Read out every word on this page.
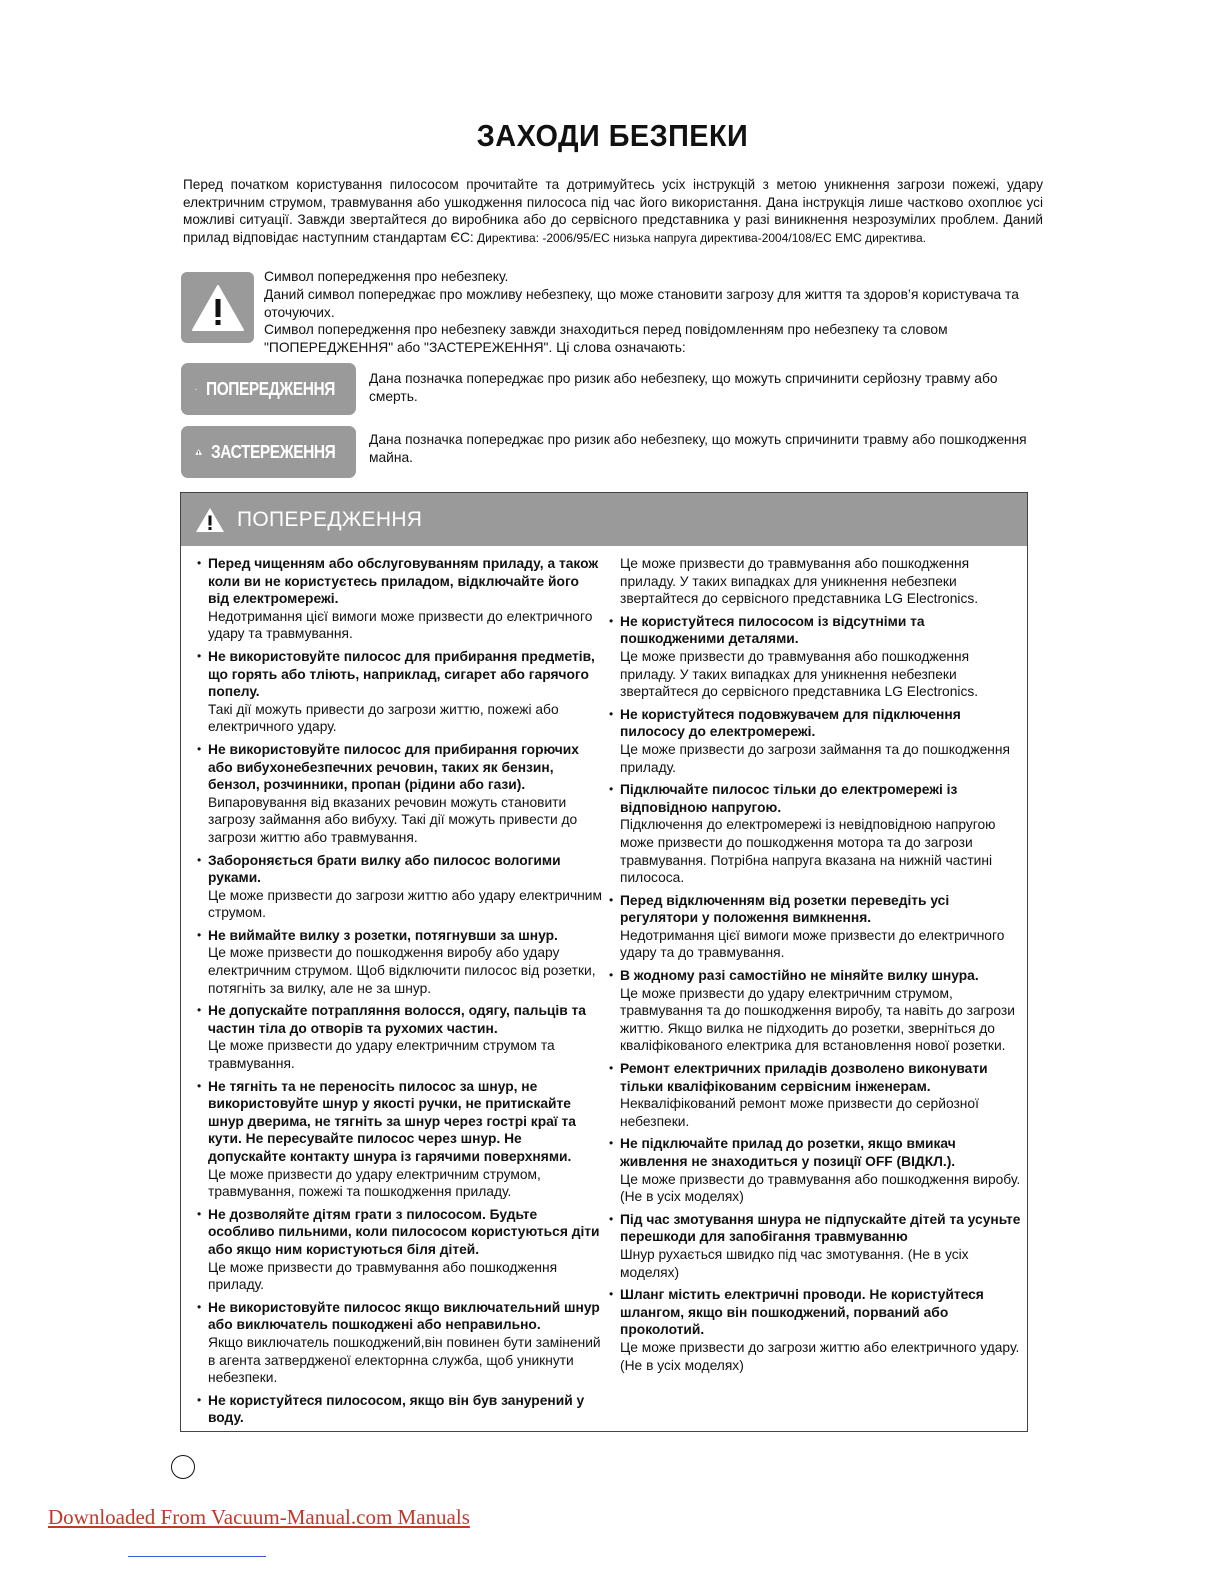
ЗАХОДИ БЕЗПЕКИ

Перед початком користування пилососом прочитайте та дотримуйтесь усіх інструкцій з метою уникнення загрози пожежі, удару електричним струмом, травмування або ушкодження пилососа під час його використання. Дана інструкція лише частково охоплює усі можливі ситуації. Завжди звертайтеся до виробника або до сервісного представника у разі виникнення незрозумілих проблем. Даний прилад відповідає наступним стандартам ЄС: Директива: -2006/95/ЕС низька напруга директива-2004/108/ЕС ЕМС директива.

Символ попередження про небезпеку.
Даний символ попереджає про можливу небезпеку, що може становити загрозу для життя та здоров’я користувача та оточуючих.
Символ попередження про небезпеку завжди знаходиться перед повідомленням про небезпеку та словом "ПОПЕРЕДЖЕННЯ" або "ЗАСТЕРЕЖЕННЯ". Ці слова означають:
ПОПЕРЕДЖЕННЯ Дана позначка попереджає про ризик або небезпеку, що можуть спричинити серйозну травму або смерть.

ЗАСТЕРЕЖЕННЯ

Дана позначка попереджає про ризик або небезпеку, що можуть спричинити травму або пошкодження майна.

ПОПЕРЕДЖЕННЯ
• Перед чищенням або обслуговуванням приладу, а також коли ви не користуєтесь приладом, відключайте його від електромережі.
Недотримання цієї вимоги може призвести до електричного удару та травмування.
• Не використовуйте пилосос для прибирання предметів, що горять або тліють, наприклад, сигарет або гарячого попелу.
Такі дії можуть привести до загрози життю, пожежі або електричного удару.
• Не використовуйте пилосос для прибирання горючих або вибухонебезпечних речовин, таких як бензин, бензол, розчинники, пропан (рідини або гази).
Випаровування від вказаних речовин можуть становити загрозу займання або вибуху. Такі дії можуть привести до загрози життю або травмування.
• Забороняється брати вилку або пилосос вологими руками.
Це може призвести до загрози життю або удару електричним струмом.
• Не виймайте вилку з розетки, потягнувши за шнур.
Це може призвести до пошкодження виробу або удару електричним струмом. Щоб відключити пилосос від розетки, потягніть за вилку, але не за шнур.
• Не допускайте потрапляння волосся, одягу, пальців та частин тіла до отворів та рухомих частин.
Це може призвести до удару електричним струмом та травмування.
• Не тягніть та не переносіть пилосос за шнур, не використовуйте шнур у якості ручки, не притискайте шнур дверима, не тягніть за шнур через гострі краї та кути. Не пересувайте пилосос через шнур. Не допускайте контакту шнура із гарячими поверхнями.
Це може призвести до удару електричним струмом, травмування, пожежі та пошкодження приладу.
• Не дозволяйте дітям грати з пилососом. Будьте особливо пильними, коли пилососом користуються діти або якщо ним користуються біля дітей.
Це може призвести до травмування або пошкодження приладу.
• Не використовуйте пилосос якщо виключательний шнур або виключатель пошкоджені або неправильно.
Якщо виключатель пошкоджений,він повинен бути замінений в агента затвердженої електорнна служба, щоб уникнути небезпеки.
• Не користуйтеся пилососом, якщо він був занурений у воду.
Це може призвести до травмування або пошкодження приладу. У таких випадках для уникнення небезпеки звертайтеся до сервісного представника LG Electronics.
• Не користуйтеся пилососом із відсутніми та пошкодженими деталями.
Це може призвести до травмування або пошкодження приладу. У таких випадках для уникнення небезпеки звертайтеся до сервісного представника LG Electronics.
• Не користуйтеся подовжувачем для підключення пилососу до електромережі.
Це може призвести до загрози займання та до пошкодження приладу.
• Підключайте пилосос тільки до електромережі із відповідною напругою.
Підключення до електромережі із невідповідною напругою може призвести до пошкодження мотора та до загрози травмування. Потрібна напруга вказана на нижній частині пилососа.
• Перед відключенням від розетки переведіть усі регулятори у положення вимкнення.
Недотримання цієї вимоги може призвести до електричного удару та до травмування.
• В жодному разі самостійно не міняйте вилку шнура.
Це може призвести до удару електричним струмом, травмування та до пошкодження виробу, та навіть до загрози життю. Якщо вилка не підходить до розетки, зверніться до кваліфікованого електрика для встановлення нової розетки.
• Ремонт електричних приладів дозволено виконувати тільки кваліфікованим сервісним інженерам.
Некваліфікований ремонт може призвести до серйозної небезпеки.
• Не підключайте прилад до розетки, якщо вмикач живлення не знаходиться у позиції OFF (ВІДКЛ.).
Це може призвести до травмування або пошкодження виробу.(Не в усіх моделях)
• Під час змотування шнура не підпускайте дітей та усуньте перешкоди для запобігання травмуванню
Шнур рухається швидко під час змотування. (Не в усіх моделях)
• Шланг містить електричні проводи. Не користуйтеся шлангом, якщо він пошкоджений, порваний або проколотий.
Це може призвести до загрози життю або електричного удару.(Не в усіх моделях)
Downloaded From Vacuum-Manual.com Manuals
